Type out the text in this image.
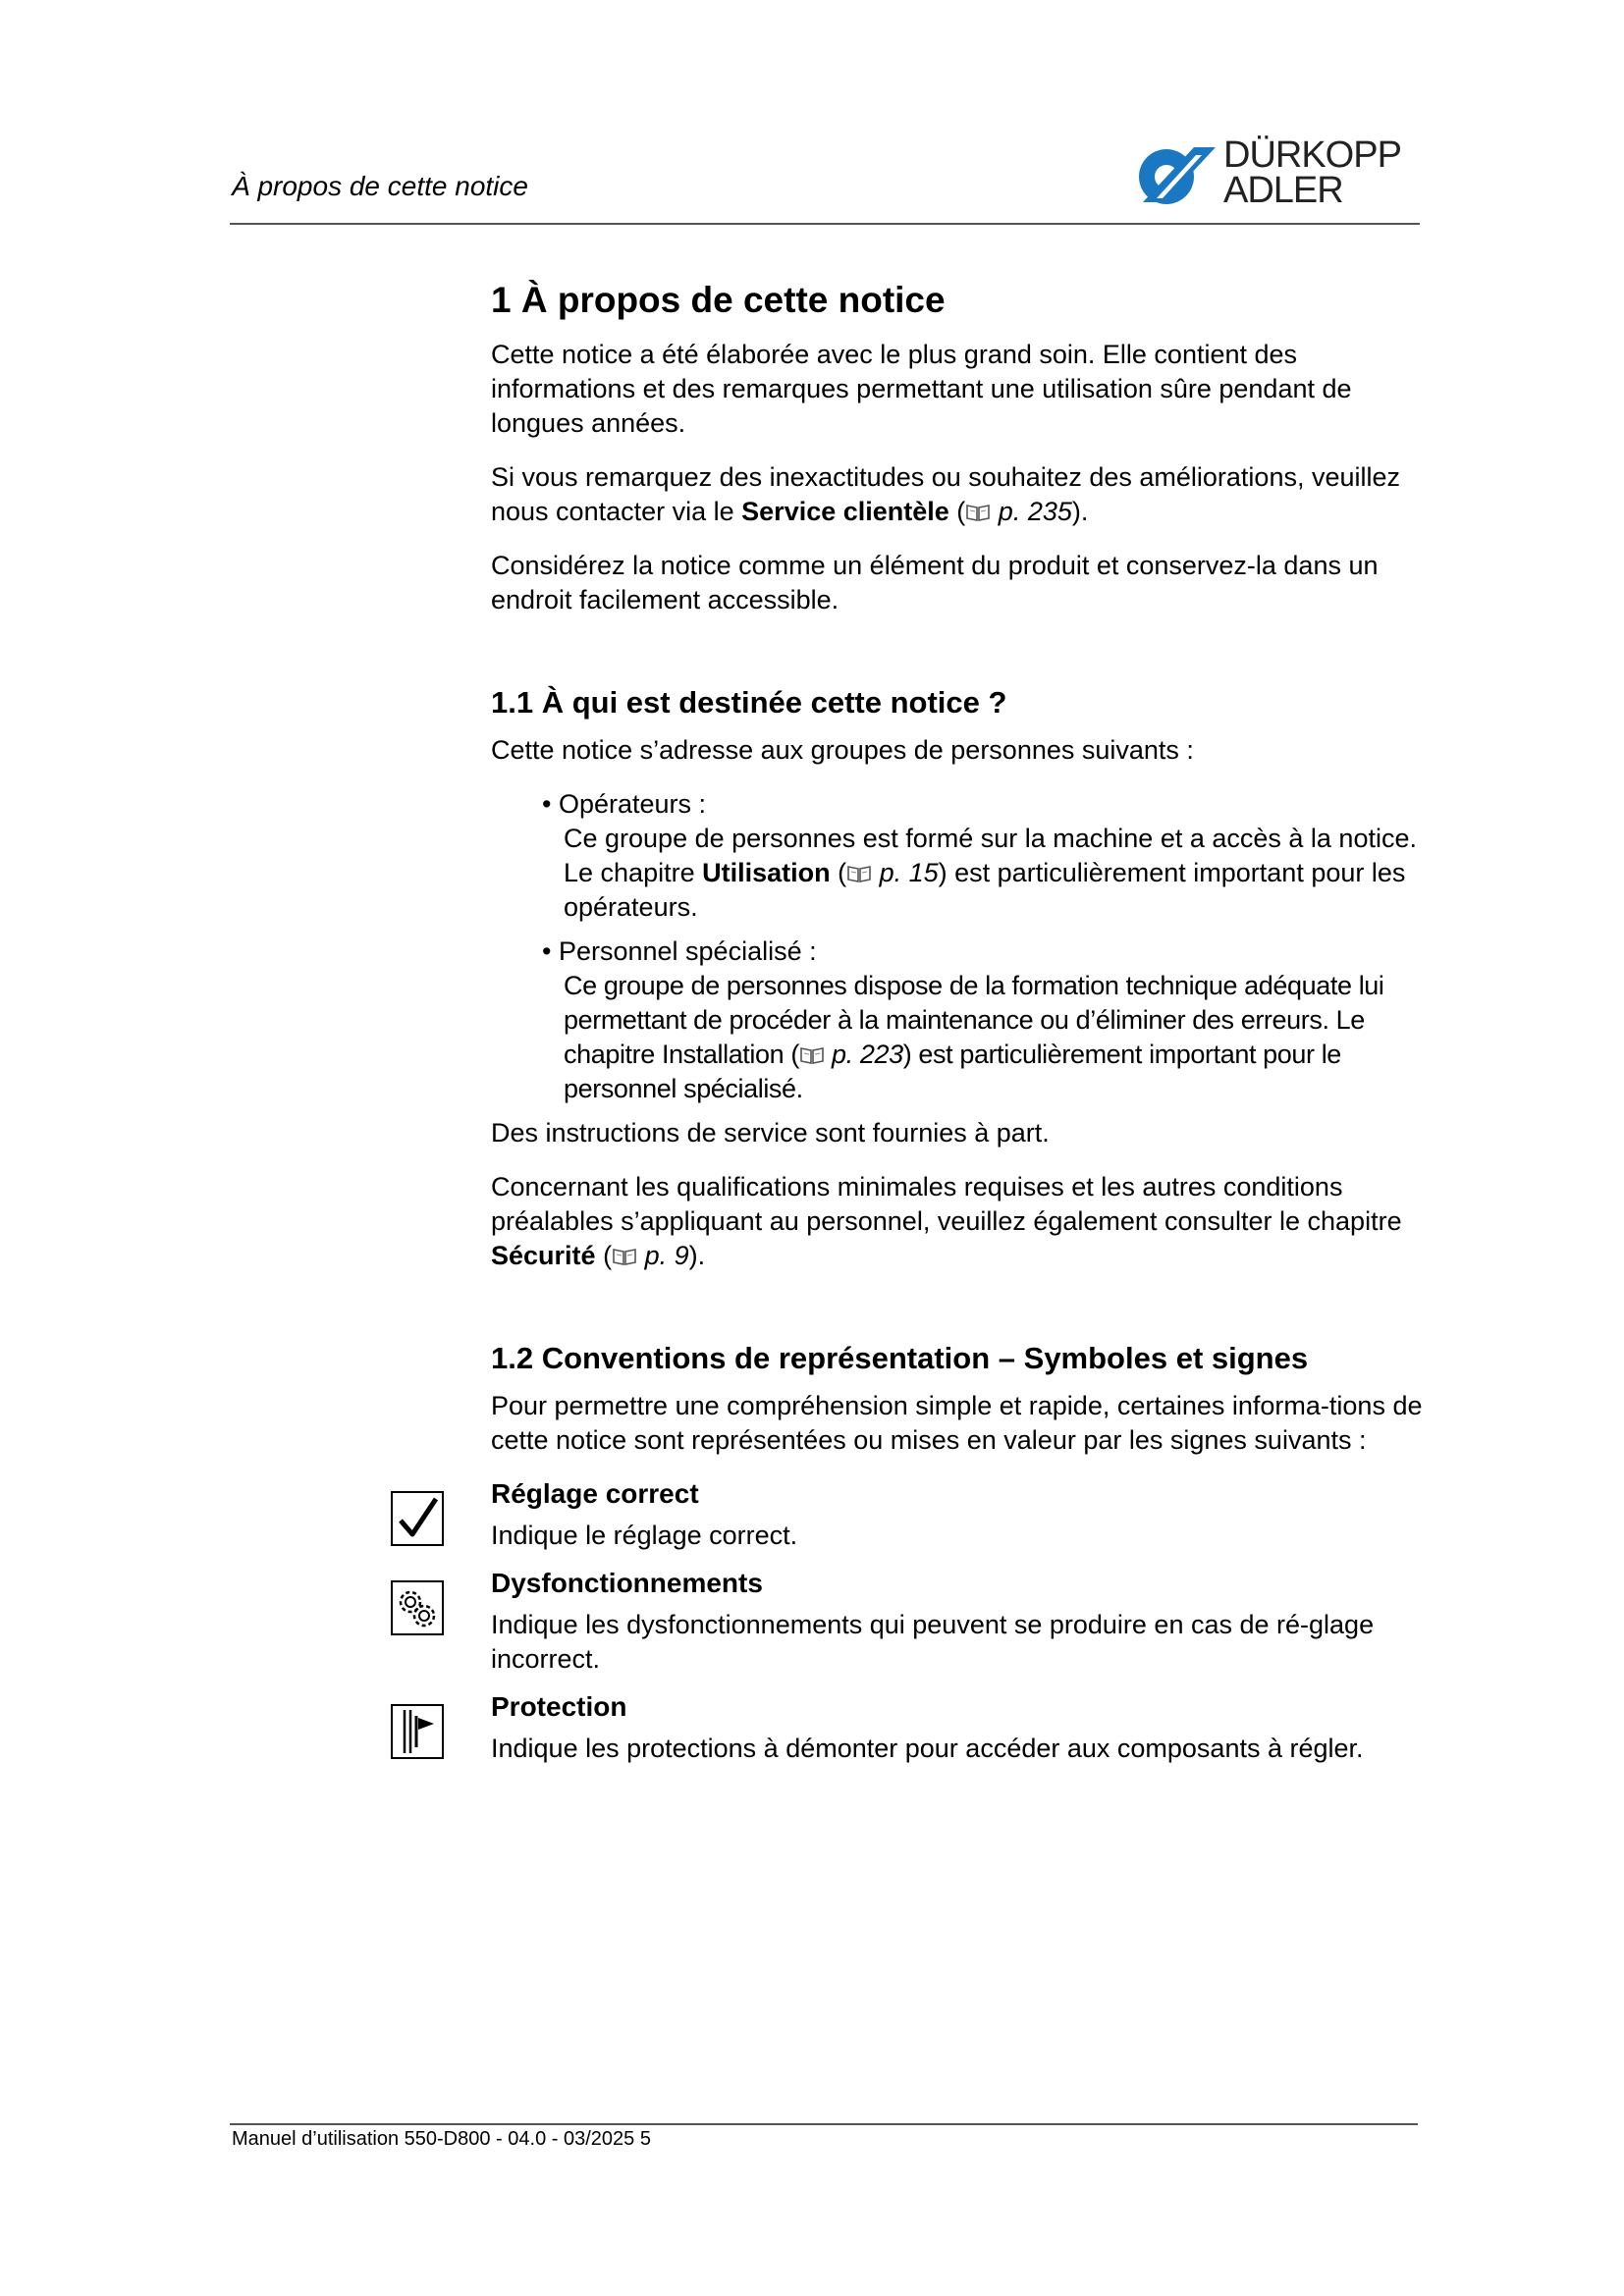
À propos de cette notice
DÜRKOPP
ADLER
1 À propos de cette notice

Cette notice a été élaborée avec le plus grand soin. Elle contient des informations et des remarques permettant une utilisation sûre pendant de longues années.

Si vous remarquez des inexactitudes ou souhaitez des améliorations, veuillez nous contacter via le Service clientèle ( p. 235).

Considérez la notice comme un élément du produit et conservez-la dans un endroit facilement accessible.

1.1 À qui est destinée cette notice ?

Cette notice s’adresse aux groupes de personnes suivants :

• Opérateurs :
Ce groupe de personnes est formé sur la machine et a accès à la notice. Le chapitre Utilisation ( p. 15) est particulièrement important pour les opérateurs.
• Personnel spécialisé :
Ce groupe de personnes dispose de la formation technique adéquate lui permettant de procéder à la maintenance ou d’éliminer des erreurs. Le chapitre Installation ( p. 223) est particulièrement important pour le personnel spécialisé.

Des instructions de service sont fournies à part.

Concernant les qualifications minimales requises et les autres conditions préalables s’appliquant au personnel, veuillez également consulter le chapitre Sécurité ( p. 9).

1.2 Conventions de représentation – Symboles et signes

Pour permettre une compréhension simple et rapide, certaines informa-tions de cette notice sont représentées ou mises en valeur par les signes suivants :

Réglage correct

Indique le réglage correct.

Dysfonctionnements

Indique les dysfonctionnements qui peuvent se produire en cas de ré-glage incorrect.

Protection

Indique les protections à démonter pour accéder aux composants à régler.

Manuel d’utilisation 550-D800 - 04.0 - 03/2025 5
